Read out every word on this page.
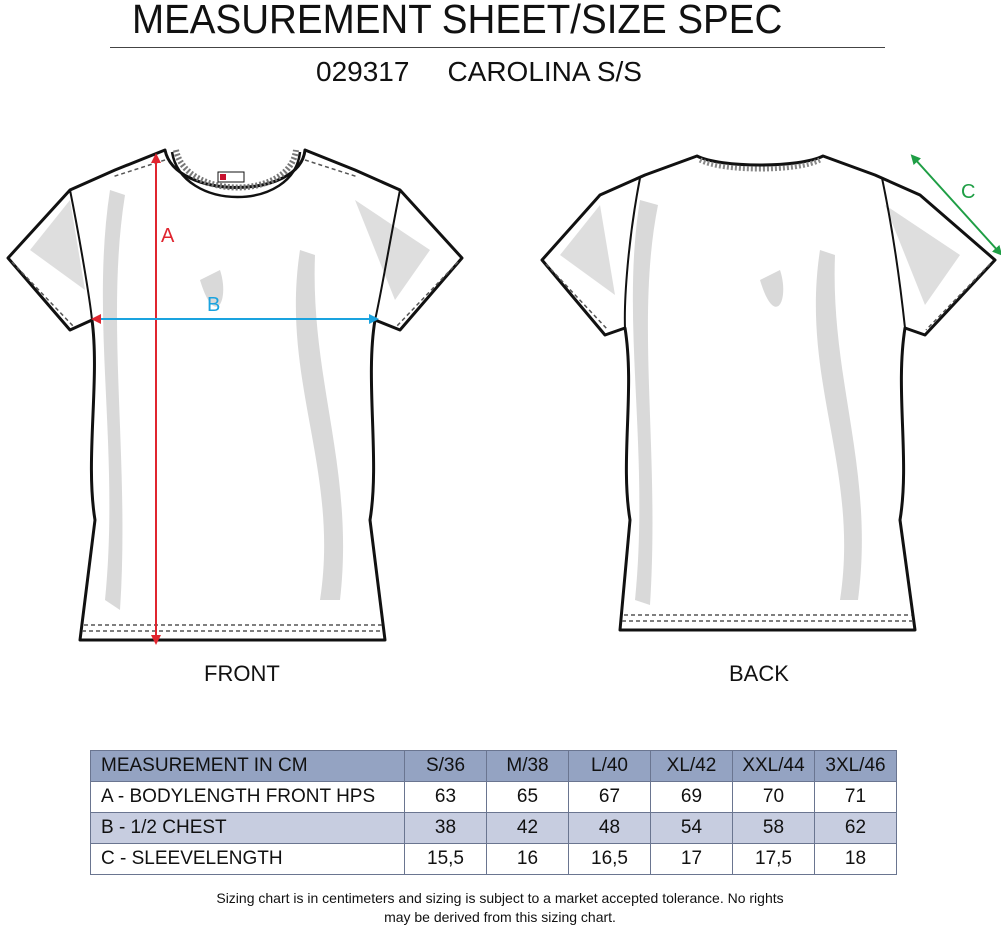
MEASUREMENT SHEET/SIZE SPEC
029317 CAROLINA S/S
A
B
C
FRONT	BACK
MEASUREMENT IN CM	S/36	M/38	L/40	XL/42	XXL/44	3XL/46
A - BODYLENGTH FRONT HPS	63	65	67	69	70	71
B - 1/2 CHEST	38	42	48	54	58	62
C - SLEEVELENGTH	15,5	16	16,5	17	17,5	18
Sizing chart is in centimeters and sizing is subject to a market accepted tolerance. No rights
may be derived from this sizing chart.
